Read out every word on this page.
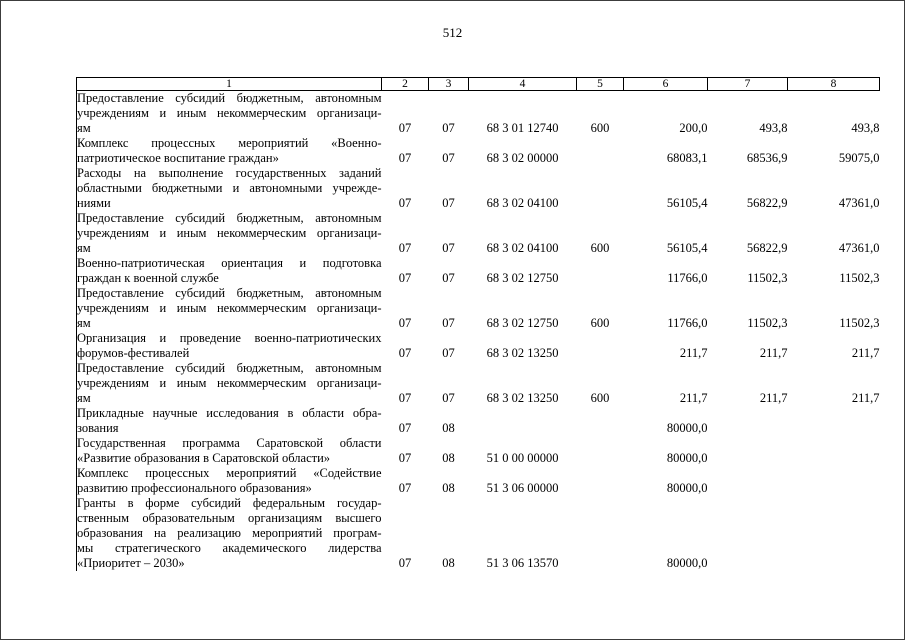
512
1	2	3	4	5	6	7	8

Предоставление субсидий бюджетным, автономным
учреждениям и иным некоммерческим организаци-
ям	07	07	68 3 01 12740	600	200,0	493,8	493,8

Комплекс процессных мероприятий «Военно-
патриотическое воспитание граждан»	07	07	68 3 02 00000		68083,1	68536,9	59075,0

Расходы на выполнение государственных заданий
областными бюджетными и автономными учрежде-
ниями	07	07	68 3 02 04100		56105,4	56822,9	47361,0

Предоставление субсидий бюджетным, автономным
учреждениям и иным некоммерческим организаци-
ям	07	07	68 3 02 04100	600	56105,4	56822,9	47361,0

Военно-патриотическая ориентация и подготовка
граждан к военной службе	07	07	68 3 02 12750		11766,0	11502,3	11502,3

Предоставление субсидий бюджетным, автономным
учреждениям и иным некоммерческим организаци-
ям	07	07	68 3 02 12750	600	11766,0	11502,3	11502,3

Организация и проведение военно-патриотических
форумов-фестивалей	07	07	68 3 02 13250		211,7	211,7	211,7

Предоставление субсидий бюджетным, автономным
учреждениям и иным некоммерческим организаци-
ям	07	07	68 3 02 13250	600	211,7	211,7	211,7

Прикладные научные исследования в области обра-
зования	07	08			80000,0		

Государственная программа Саратовской области
«Развитие образования в Саратовской области»	07	08	51 0 00 00000		80000,0		

Комплекс процессных мероприятий «Содействие
развитию профессионального образования»	07	08	51 3 06 00000		80000,0		

Гранты в форме субсидий федеральным государ-
ственным образовательным организациям высшего
образования на реализацию мероприятий програм-
мы стратегического академического лидерства
«Приоритет – 2030»	07	08	51 3 06 13570		80000,0		
